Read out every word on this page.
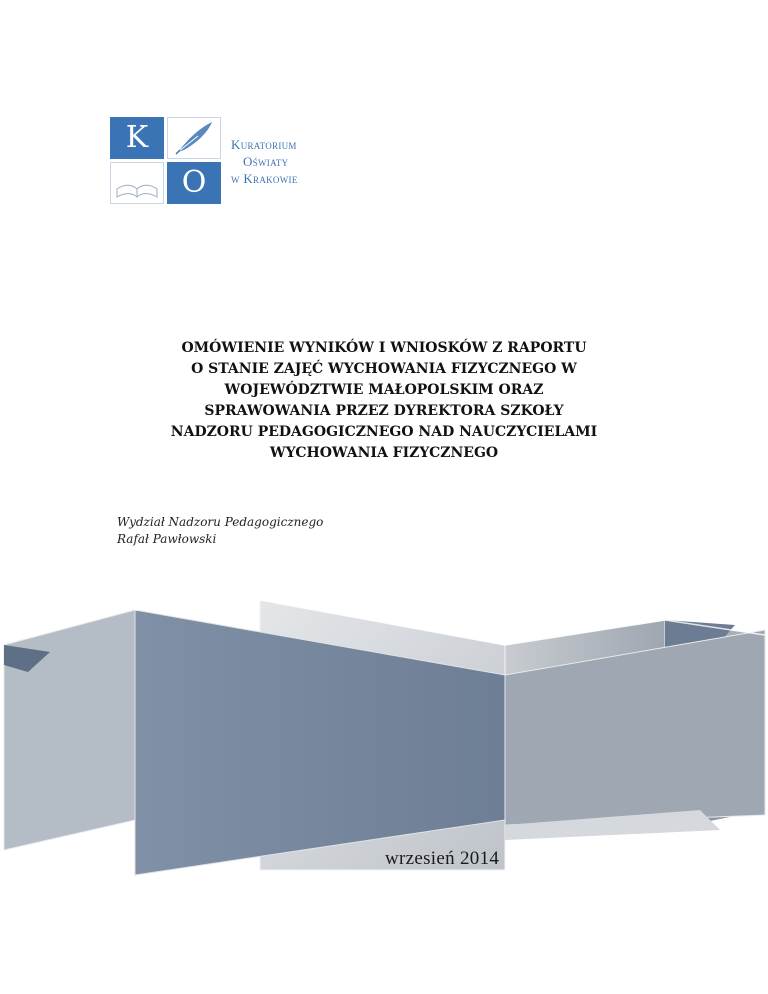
K
O
Kuratorium
Oświaty
w Krakowie
OMÓWIENIE WYNIKÓW I WNIOSKÓW Z RAPORTU
O STANIE ZAJĘĆ WYCHOWANIA FIZYCZNEGO W
WOJEWÓDZTWIE MAŁOPOLSKIM ORAZ
SPRAWOWANIA PRZEZ DYREKTORA SZKOŁY
NADZORU PEDAGOGICZNEGO NAD NAUCZYCIELAMI
WYCHOWANIA FIZYCZNEGO
Wydział Nadzoru Pedagogicznego
Rafał Pawłowski
wrzesień 2014
